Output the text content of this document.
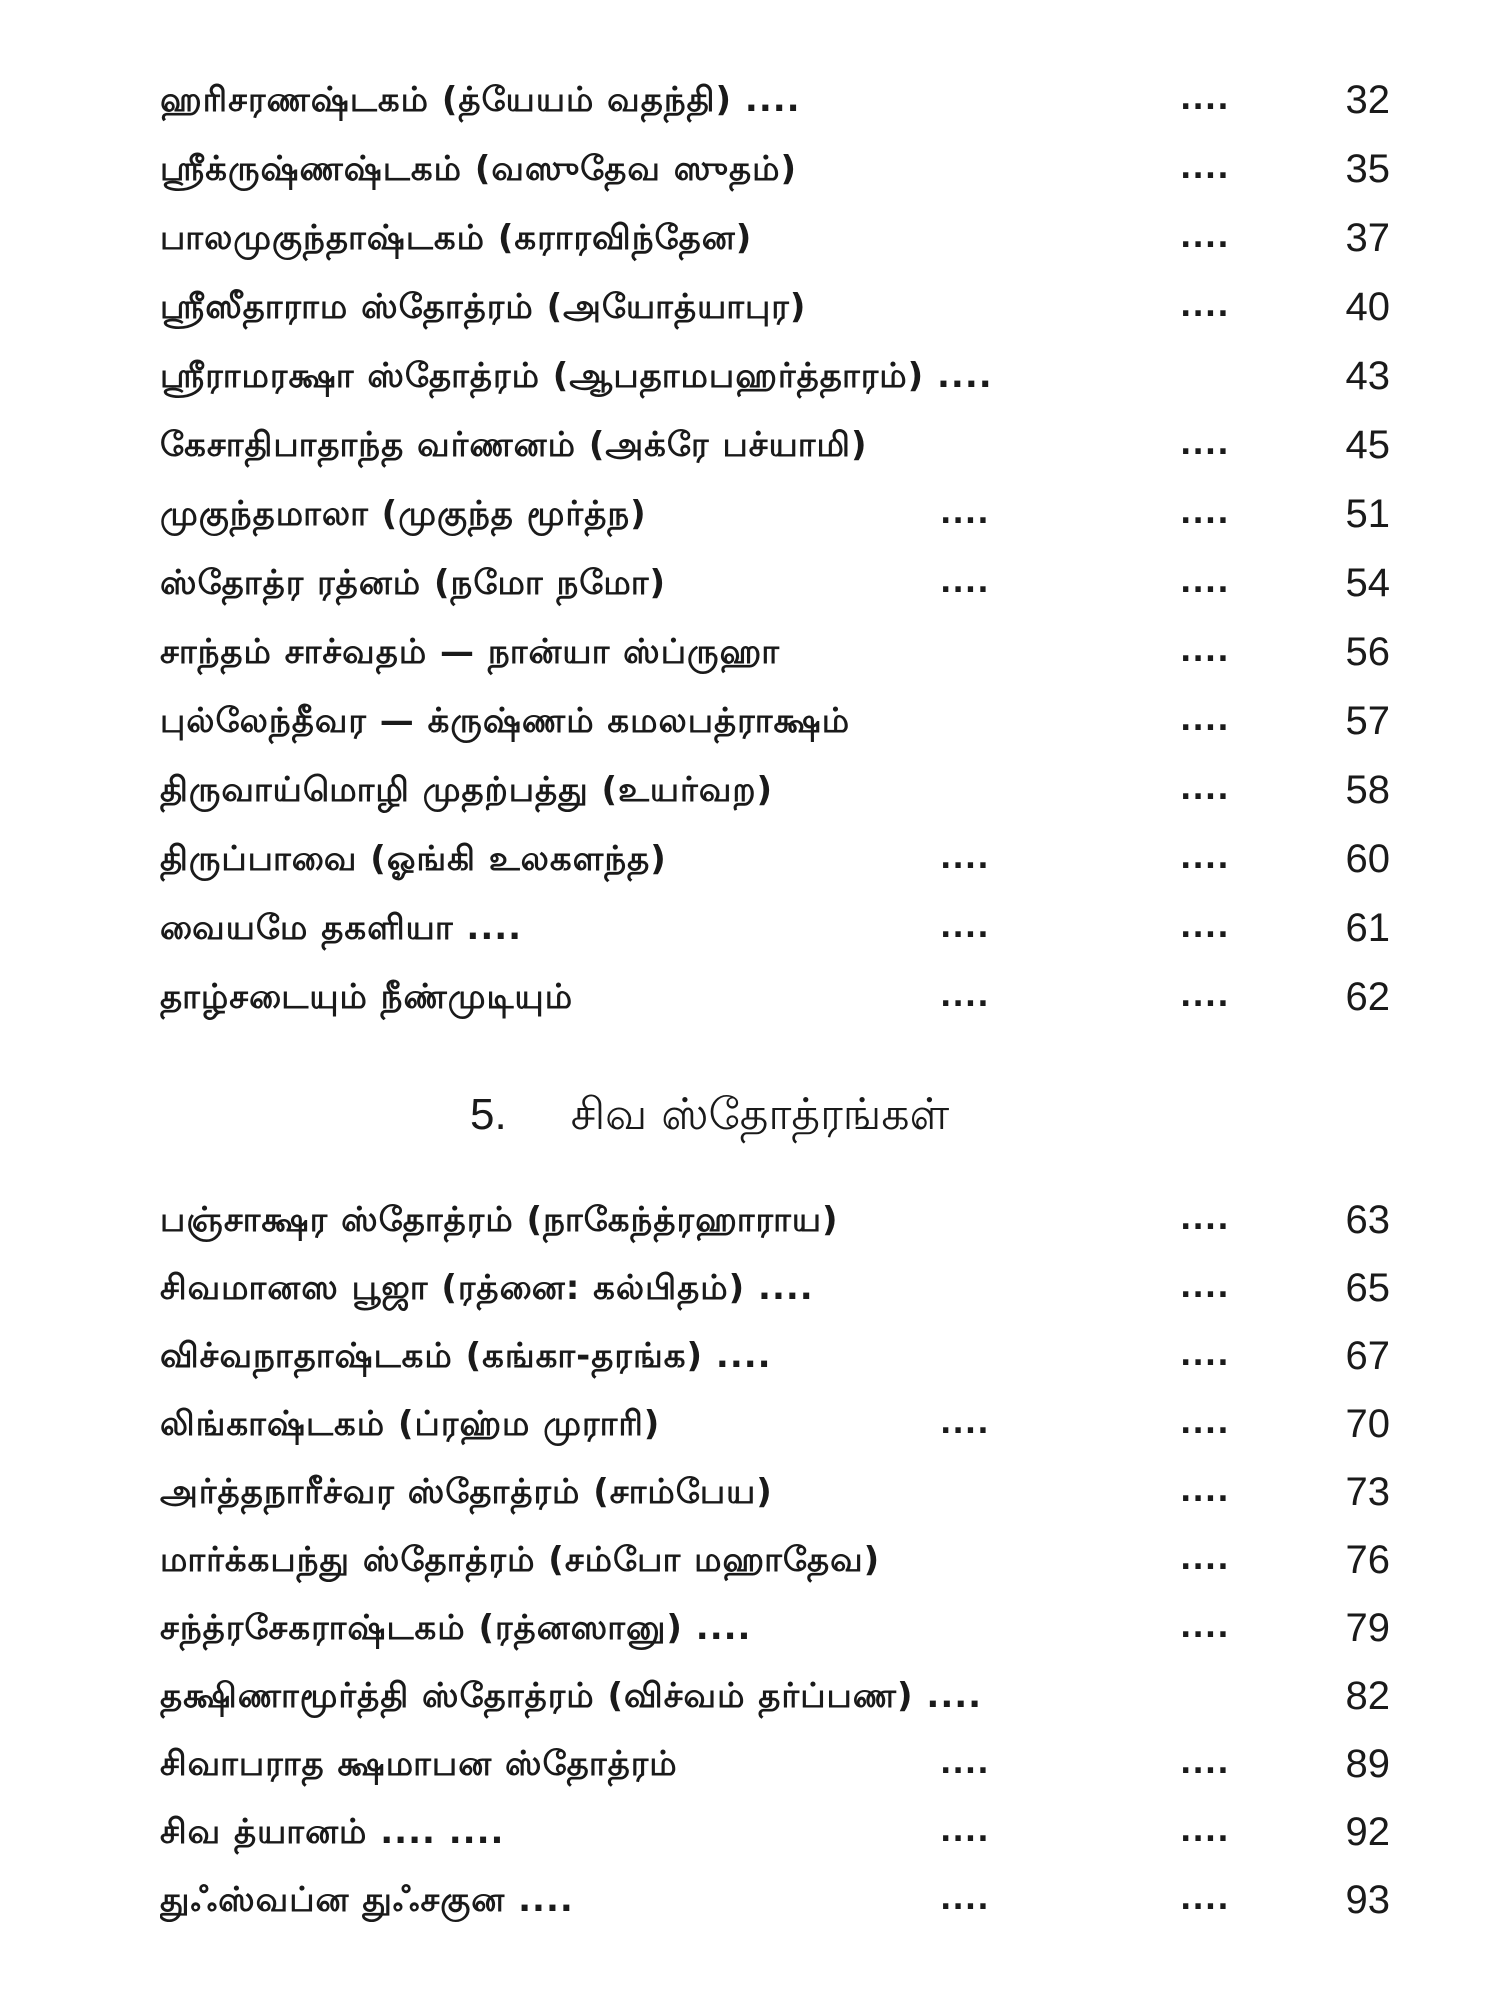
ஹரிசரணஷ்டகம் (த்யேயம் வதந்தி) ....	....	32
ஸ்ரீக்ருஷ்ணஷ்டகம் (வஸுதேவ ஸுதம்)	....	35
பாலமுகுந்தாஷ்டகம் (கராரவிந்தேன)	....	37
ஸ்ரீஸீதாராம ஸ்தோத்ரம் (அயோத்யாபுர)	....	40
ஸ்ரீராமரக்ஷா ஸ்தோத்ரம் (ஆபதாமபஹர்த்தாரம்) ....	43
கேசாதிபாதாந்த வர்ணனம் (அக்ரே பச்யாமி)	....	45
முகுந்தமாலா (முகுந்த மூர்த்ந)	....	....	51
ஸ்தோத்ர ரத்னம் (நமோ நமோ)	....	....	54
சாந்தம் சாச்வதம் — நான்யா ஸ்ப்ருஹா	....	56
புல்லேந்தீவர — க்ருஷ்ணம் கமலபத்ராக்ஷம்	....	57
திருவாய்மொழி முதற்பத்து (உயர்வற)	....	58
திருப்பாவை (ஓங்கி உலகளந்த)	....	....	60
வையமே தகளியா ....	....	....	61
தாழ்சடையும் நீண்முடியும்	....	....	62
5. சிவ ஸ்தோத்ரங்கள்
பஞ்சாக்ஷர ஸ்தோத்ரம் (நாகேந்த்ரஹாராய)	....	63
சிவமானஸ பூஜா (ரத்னை: கல்பிதம்) ....	....	65
விச்வநாதாஷ்டகம் (கங்கா-தரங்க) ....	....	67
லிங்காஷ்டகம் (ப்ரஹ்ம முராரி)	....	....	70
அர்த்தநாரீச்வர ஸ்தோத்ரம் (சாம்பேய)	....	73
மார்க்கபந்து ஸ்தோத்ரம் (சம்போ மஹாதேவ)	....	76
சந்த்ரசேகராஷ்டகம் (ரத்னஸானு) ....	....	79
தக்ஷிணாமூர்த்தி ஸ்தோத்ரம் (விச்வம் தர்ப்பண) ....	82
சிவாபராத க்ஷமாபன ஸ்தோத்ரம்	....	....	89
சிவ த்யானம் .... ....	....	....	92
துஃஸ்வப்ன துஃசகுன ....	....	....	93
